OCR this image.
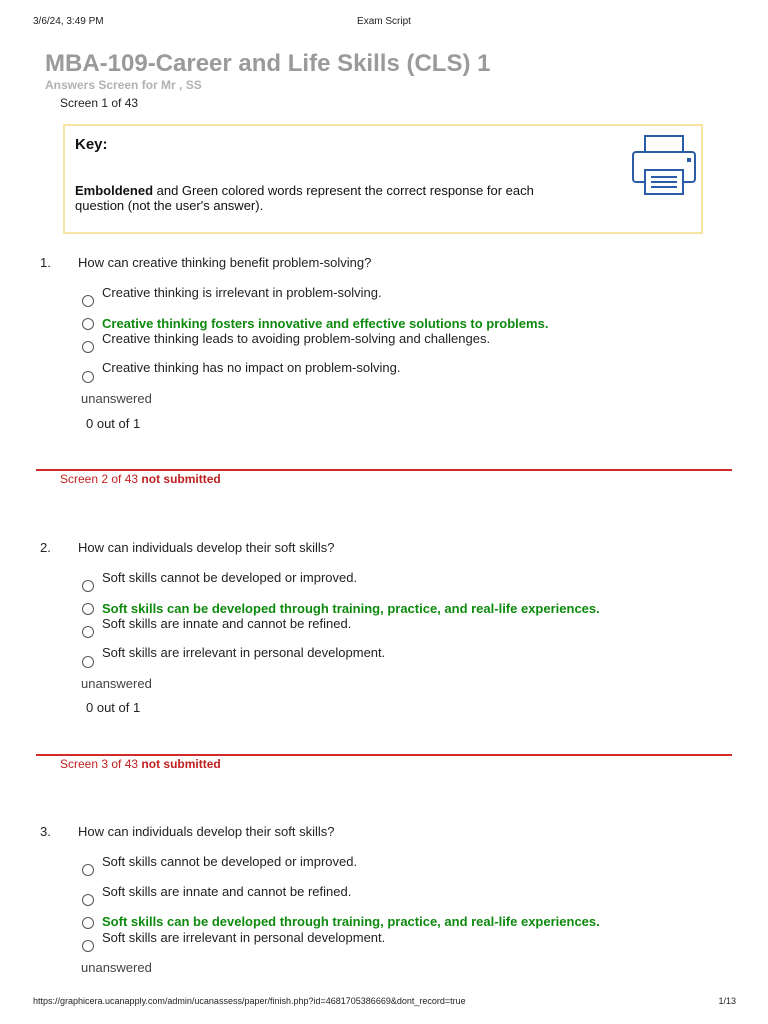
3/6/24, 3:49 PM	Exam Script
https://graphicera.ucanapply.com/admin/ucanassess/paper/finish.php?id=4681705386669&dont_record=true	1/13
MBA-109-Career and Life Skills (CLS) 1
Answers Screen for Mr , SS
Screen 1 of 43
Key:
Emboldened and Green colored words represent the correct response for each question (not the user's answer).
1. How can creative thinking benefit problem-solving?
Creative thinking is irrelevant in problem-solving.
Creative thinking fosters innovative and effective solutions to problems.
Creative thinking leads to avoiding problem-solving and challenges.
Creative thinking has no impact on problem-solving.
unanswered
0 out of 1
Screen 2 of 43 not submitted
2. How can individuals develop their soft skills?
Soft skills cannot be developed or improved.
Soft skills can be developed through training, practice, and real-life experiences.
Soft skills are innate and cannot be refined.
Soft skills are irrelevant in personal development.
unanswered
0 out of 1
Screen 3 of 43 not submitted
3. How can individuals develop their soft skills?
Soft skills cannot be developed or improved.
Soft skills are innate and cannot be refined.
Soft skills can be developed through training, practice, and real-life experiences.
Soft skills are irrelevant in personal development.
unanswered
